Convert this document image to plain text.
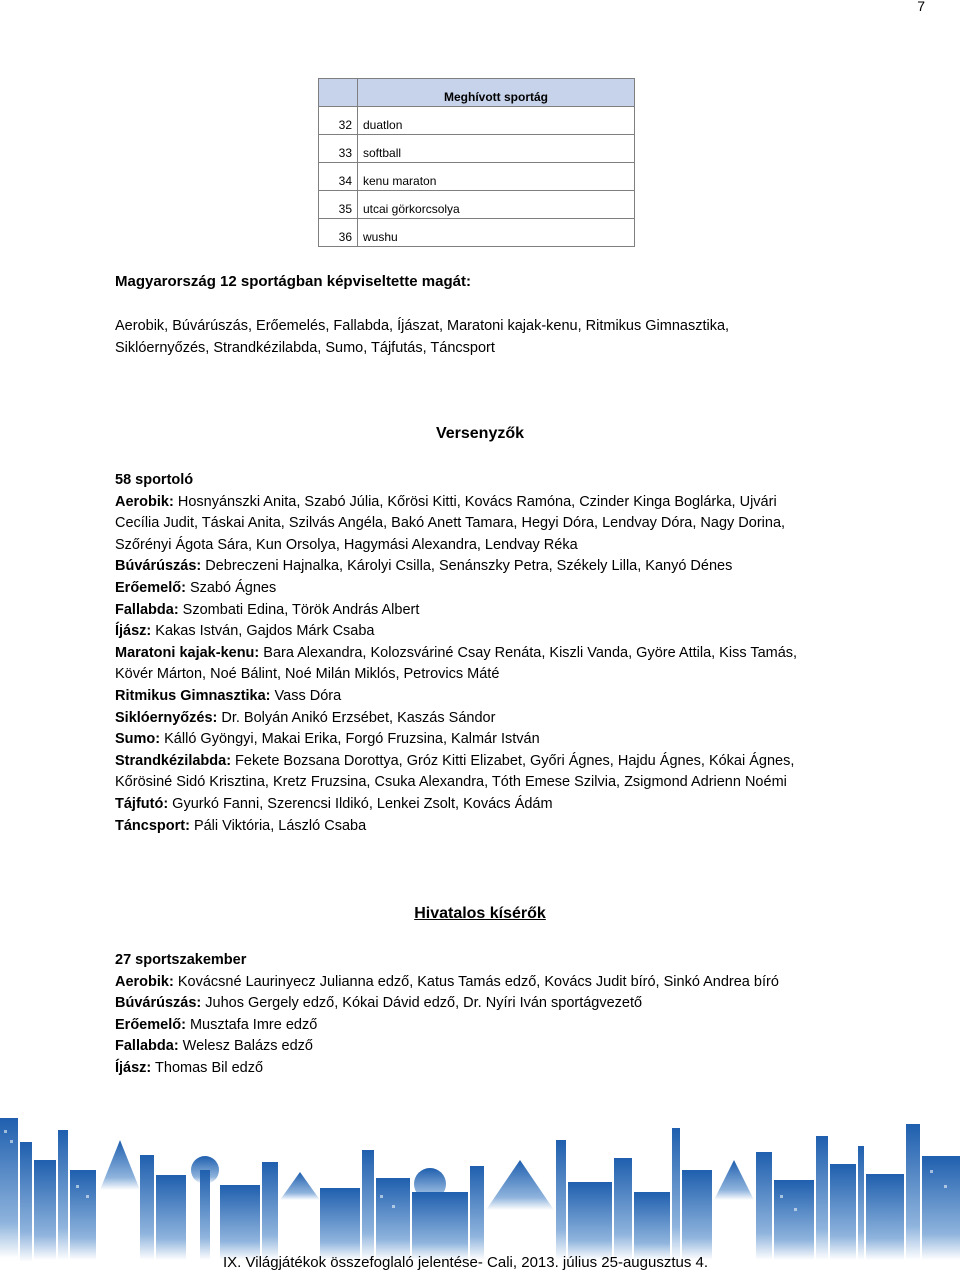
7
	Meghívott sportág
32	duatlon
33	softball
34	kenu maraton
35	utcai görkorcsolya
36	wushu
Magyarország 12 sportágban képviseltette magát:
Aerobik, Búvárúszás, Erőemelés, Fallabda, Íjászat, Maratoni kajak-kenu, Ritmikus Gimnasztika,
Siklóernyőzés, Strandkézilabda, Sumo, Tájfutás, Táncsport
Versenyzők
58 sportoló
Aerobik: Hosnyánszki Anita, Szabó Júlia, Kőrösi Kitti, Kovács Ramóna, Czinder Kinga Boglárka, Ujvári
Cecília Judit, Táskai Anita, Szilvás Angéla, Bakó Anett Tamara, Hegyi Dóra, Lendvay Dóra, Nagy Dorina,
Szőrényi Ágota Sára, Kun Orsolya, Hagymási Alexandra, Lendvay Réka
Búvárúszás: Debreczeni Hajnalka, Károlyi Csilla, Senánszky Petra, Székely Lilla, Kanyó Dénes
Erőemelő: Szabó Ágnes
Fallabda: Szombati Edina, Török András Albert
Íjász: Kakas István, Gajdos Márk Csaba
Maratoni kajak-kenu: Bara Alexandra, Kolozsváriné Csay Renáta, Kiszli Vanda, Györe Attila, Kiss Tamás,
Kövér Márton, Noé Bálint, Noé Milán Miklós, Petrovics Máté
Ritmikus Gimnasztika: Vass Dóra
Siklóernyőzés: Dr. Bolyán Anikó Erzsébet, Kaszás Sándor
Sumo: Kálló Gyöngyi, Makai Erika, Forgó Fruzsina, Kalmár István
Strandkézilabda: Fekete Bozsana Dorottya, Gróz Kitti Elizabet, Győri Ágnes, Hajdu Ágnes, Kókai Ágnes,
Kőrösiné Sidó Krisztina, Kretz Fruzsina, Csuka Alexandra, Tóth Emese Szilvia, Zsigmond Adrienn Noémi
Tájfutó: Gyurkó Fanni, Szerencsi Ildikó, Lenkei Zsolt, Kovács Ádám
Táncsport: Páli Viktória, László Csaba
Hivatalos kísérők
27 sportszakember
Aerobik: Kovácsné Laurinyecz Julianna edző, Katus Tamás edző, Kovács Judit bíró, Sinkó Andrea bíró
Búvárúszás: Juhos Gergely edző, Kókai Dávid edző, Dr. Nyíri Iván sportágvezető
Erőemelő: Musztafa Imre edző
Fallabda: Welesz Balázs edző
Íjász: Thomas Bil edző
IX. Világjátékok összefoglaló jelentése- Cali, 2013. július 25-augusztus 4.
